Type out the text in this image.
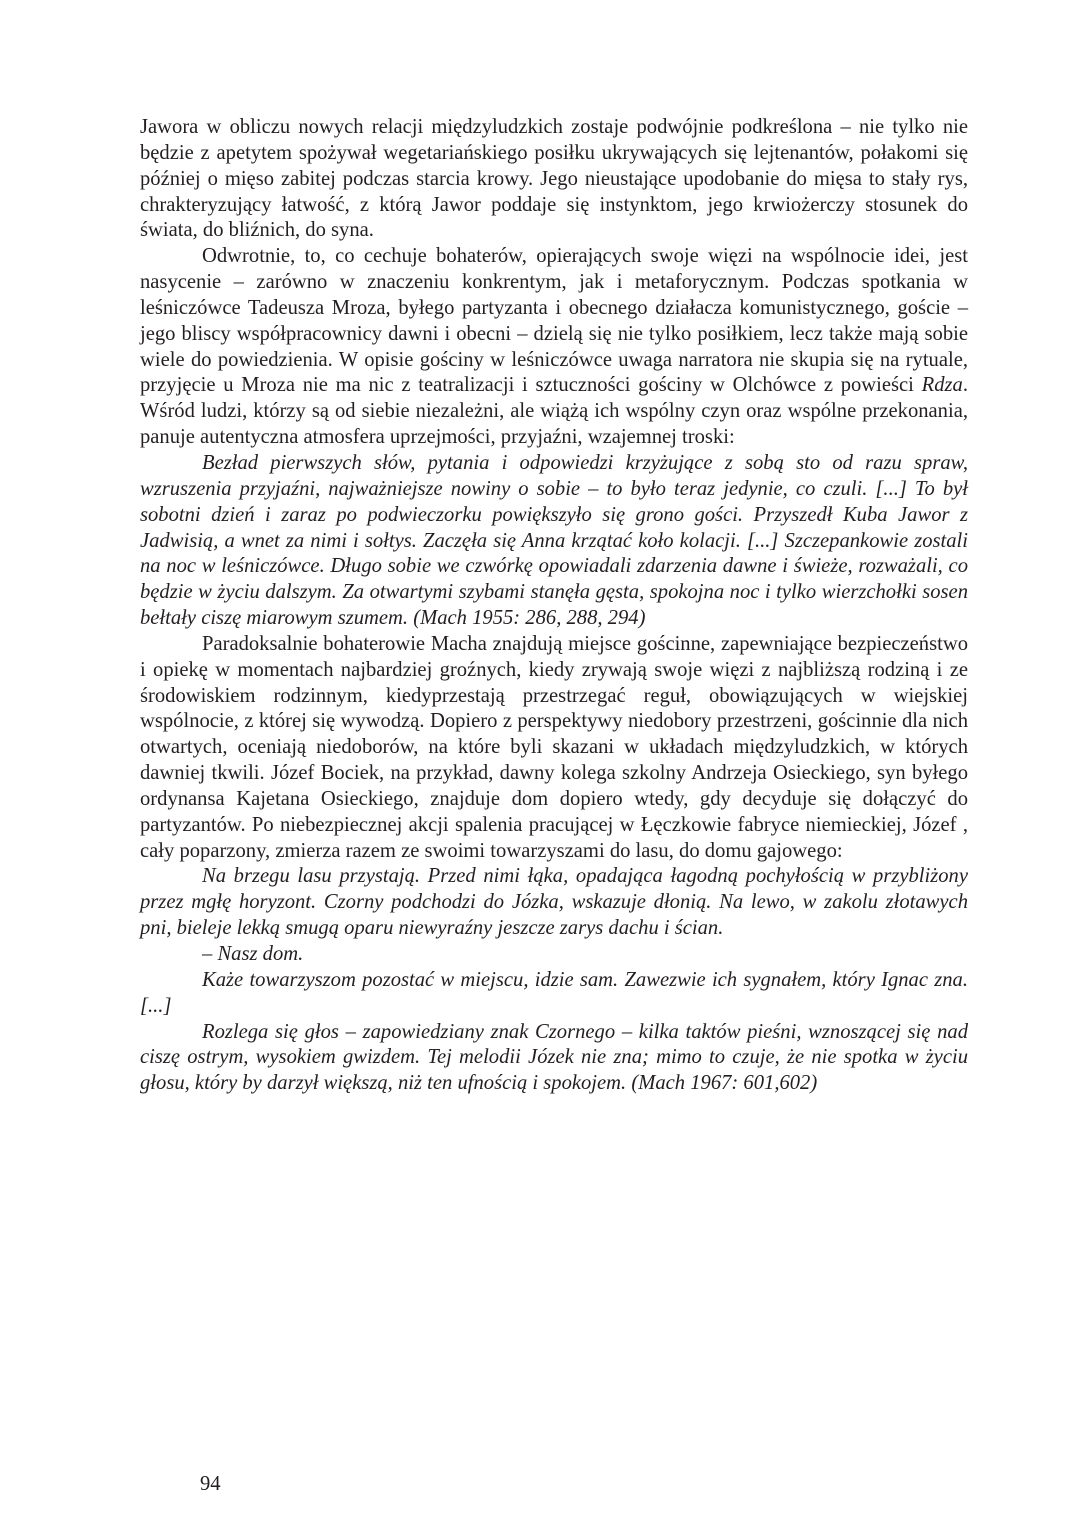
Jawora w obliczu nowych relacji międzyludzkich zostaje podwójnie podkreślona – nie tylko nie będzie z apetytem spożywał wegetariańskiego posiłku ukrywających się lejtenantów, połakomi się później o mięso zabitej podczas starcia krowy. Jego nieustające upodobanie do mięsa to stały rys, chrakteryzujący łatwość, z którą Jawor poddaje się instynktom, jego krwiożerczy stosunek do świata, do bliźnich, do syna.

Odwrotnie, to, co cechuje bohaterów, opierających swoje więzi na wspólnocie idei, jest nasycenie – zarówno w znaczeniu konkrentym, jak i metaforycznym. Podczas spotkania w leśniczówce Tadeusza Mroza, byłego partyzanta i obecnego działacza komunistycznego, goście – jego bliscy współpracownicy dawni i obecni – dzielą się nie tylko posiłkiem, lecz także mają sobie wiele do powiedzienia. W opisie gościny w leśniczówce uwaga narratora nie skupia się na rytuale, przyjęcie u Mroza nie ma nic z teatralizacji i sztuczności gościny w Olchówce z powieści Rdza. Wśród ludzi, którzy są od siebie niezależni, ale wiążą ich wspólny czyn oraz wspólne przekonania, panuje autentyczna atmosfera uprzejmości, przyjaźni, wzajemnej troski:

Bezład pierwszych słów, pytania i odpowiedzi krzyżujące z sobą sto od razu spraw, wzruszenia przyjaźni, najważniejsze nowiny o sobie – to było teraz jedynie, co czuli. [...] To był sobotni dzień i zaraz po podwieczorku powiększyło się grono gości. Przyszedł Kuba Jawor z Jadwisią, a wnet za nimi i sołtys. Zaczęła się Anna krzątać koło kolacji. [...] Szczepankowie zostali na noc w leśniczówce. Długo sobie we czwórkę opowiadali zdarzenia dawne i świeże, rozważali, co będzie w życiu dalszym. Za otwartymi szybami stanęła gęsta, spokojna noc i tylko wierzchołki sosen bełtały ciszę miarowym szumem. (Mach 1955: 286, 288, 294)

Paradoksalnie bohaterowie Macha znajdują miejsce gościnne, zapewniające bezpieczeństwo i opiekę w momentach najbardziej groźnych, kiedy zrywają swoje więzi z najbliższą rodziną i ze środowiskiem rodzinnym, kiedyprzestają przestrzegać reguł, obowiązujących w wiejskiej wspólnocie, z której się wywodzą. Dopiero z perspektywy niedobory przestrzeni, gościnnie dla nich otwartych, oceniają niedoborów, na które byli skazani w układach międzyludzkich, w których dawniej tkwili. Józef Bociek, na przykład, dawny kolega szkolny Andrzeja Osieckiego, syn byłego ordynansa Kajetana Osieckiego, znajduje dom dopiero wtedy, gdy decyduje się dołączyć do partyzantów. Po niebezpiecznej akcji spalenia pracującej w Łęczkowie fabryce niemieckiej, Józef , cały poparzony, zmierza razem ze swoimi towarzyszami do lasu, do domu gajowego:

Na brzegu lasu przystają. Przed nimi łąka, opadająca łagodną pochyłością w przybliżony przez mgłę horyzont. Czorny podchodzi do Józka, wskazuje dłonią. Na lewo, w zakolu złotawych pni, bieleje lekką smugą oparu niewyraźny jeszcze zarys dachu i ścian.

– Nasz dom.

Każe towarzyszom pozostać w miejscu, idzie sam. Zawezwie ich sygnałem, który Ignac zna. [...]

Rozlega się głos – zapowiedziany znak Czornego – kilka taktów pieśni, wznoszącej się nad ciszę ostrym, wysokiem gwizdem. Tej melodii Józek nie zna; mimo to czuje, że nie spotka w życiu głosu, który by darzył większą, niż ten ufnością i spokojem. (Mach 1967: 601,602)

94
